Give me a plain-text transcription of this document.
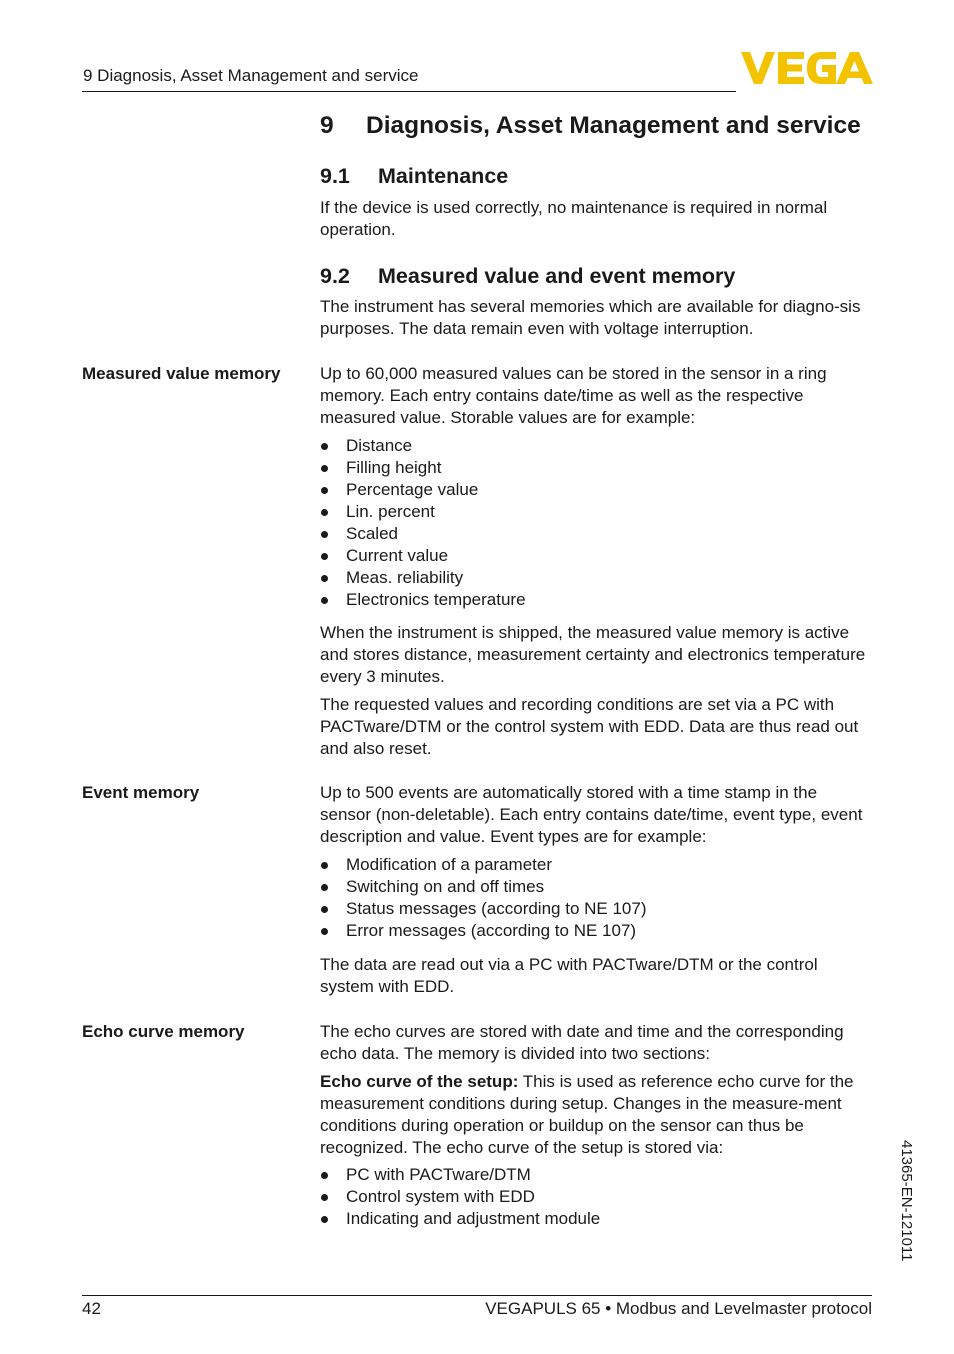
9 Diagnosis, Asset Management and service
9 Diagnosis, Asset Management and service
9.1 Maintenance
If the device is used correctly, no maintenance is required in normal operation.
9.2 Measured value and event memory
The instrument has several memories which are available for diagno-sis purposes. The data remain even with voltage interruption.
Measured value memory Up to 60,000 measured values can be stored in the sensor in a ring memory. Each entry contains date/time as well as the respective measured value. Storable values are for example:
Distance
Filling height
Percentage value
Lin. percent
Scaled
Current value
Meas. reliability
Electronics temperature
When the instrument is shipped, the measured value memory is active and stores distance, measurement certainty and electronics temperature every 3 minutes.
The requested values and recording conditions are set via a PC with PACTware/DTM or the control system with EDD. Data are thus read out and also reset.
Event memory	Up to 500 events are automatically stored with a time stamp in the sensor (non-deletable). Each entry contains date/time, event type, event description and value. Event types are for example:
Modification of a parameter
Switching on and off times
Status messages (according to NE 107)
Error messages (according to NE 107)
The data are read out via a PC with PACTware/DTM or the control system with EDD.
Echo curve memory	The echo curves are stored with date and time and the corresponding echo data. The memory is divided into two sections:
Echo curve of the setup: This is used as reference echo curve for the measurement conditions during setup. Changes in the measure-ment conditions during operation or buildup on the sensor can thus be recognized. The echo curve of the setup is stored via:
PC with PACTware/DTM
Control system with EDD
Indicating and adjustment module	41365-EN-121011
42	VEGAPULS 65 • Modbus and Levelmaster protocol
